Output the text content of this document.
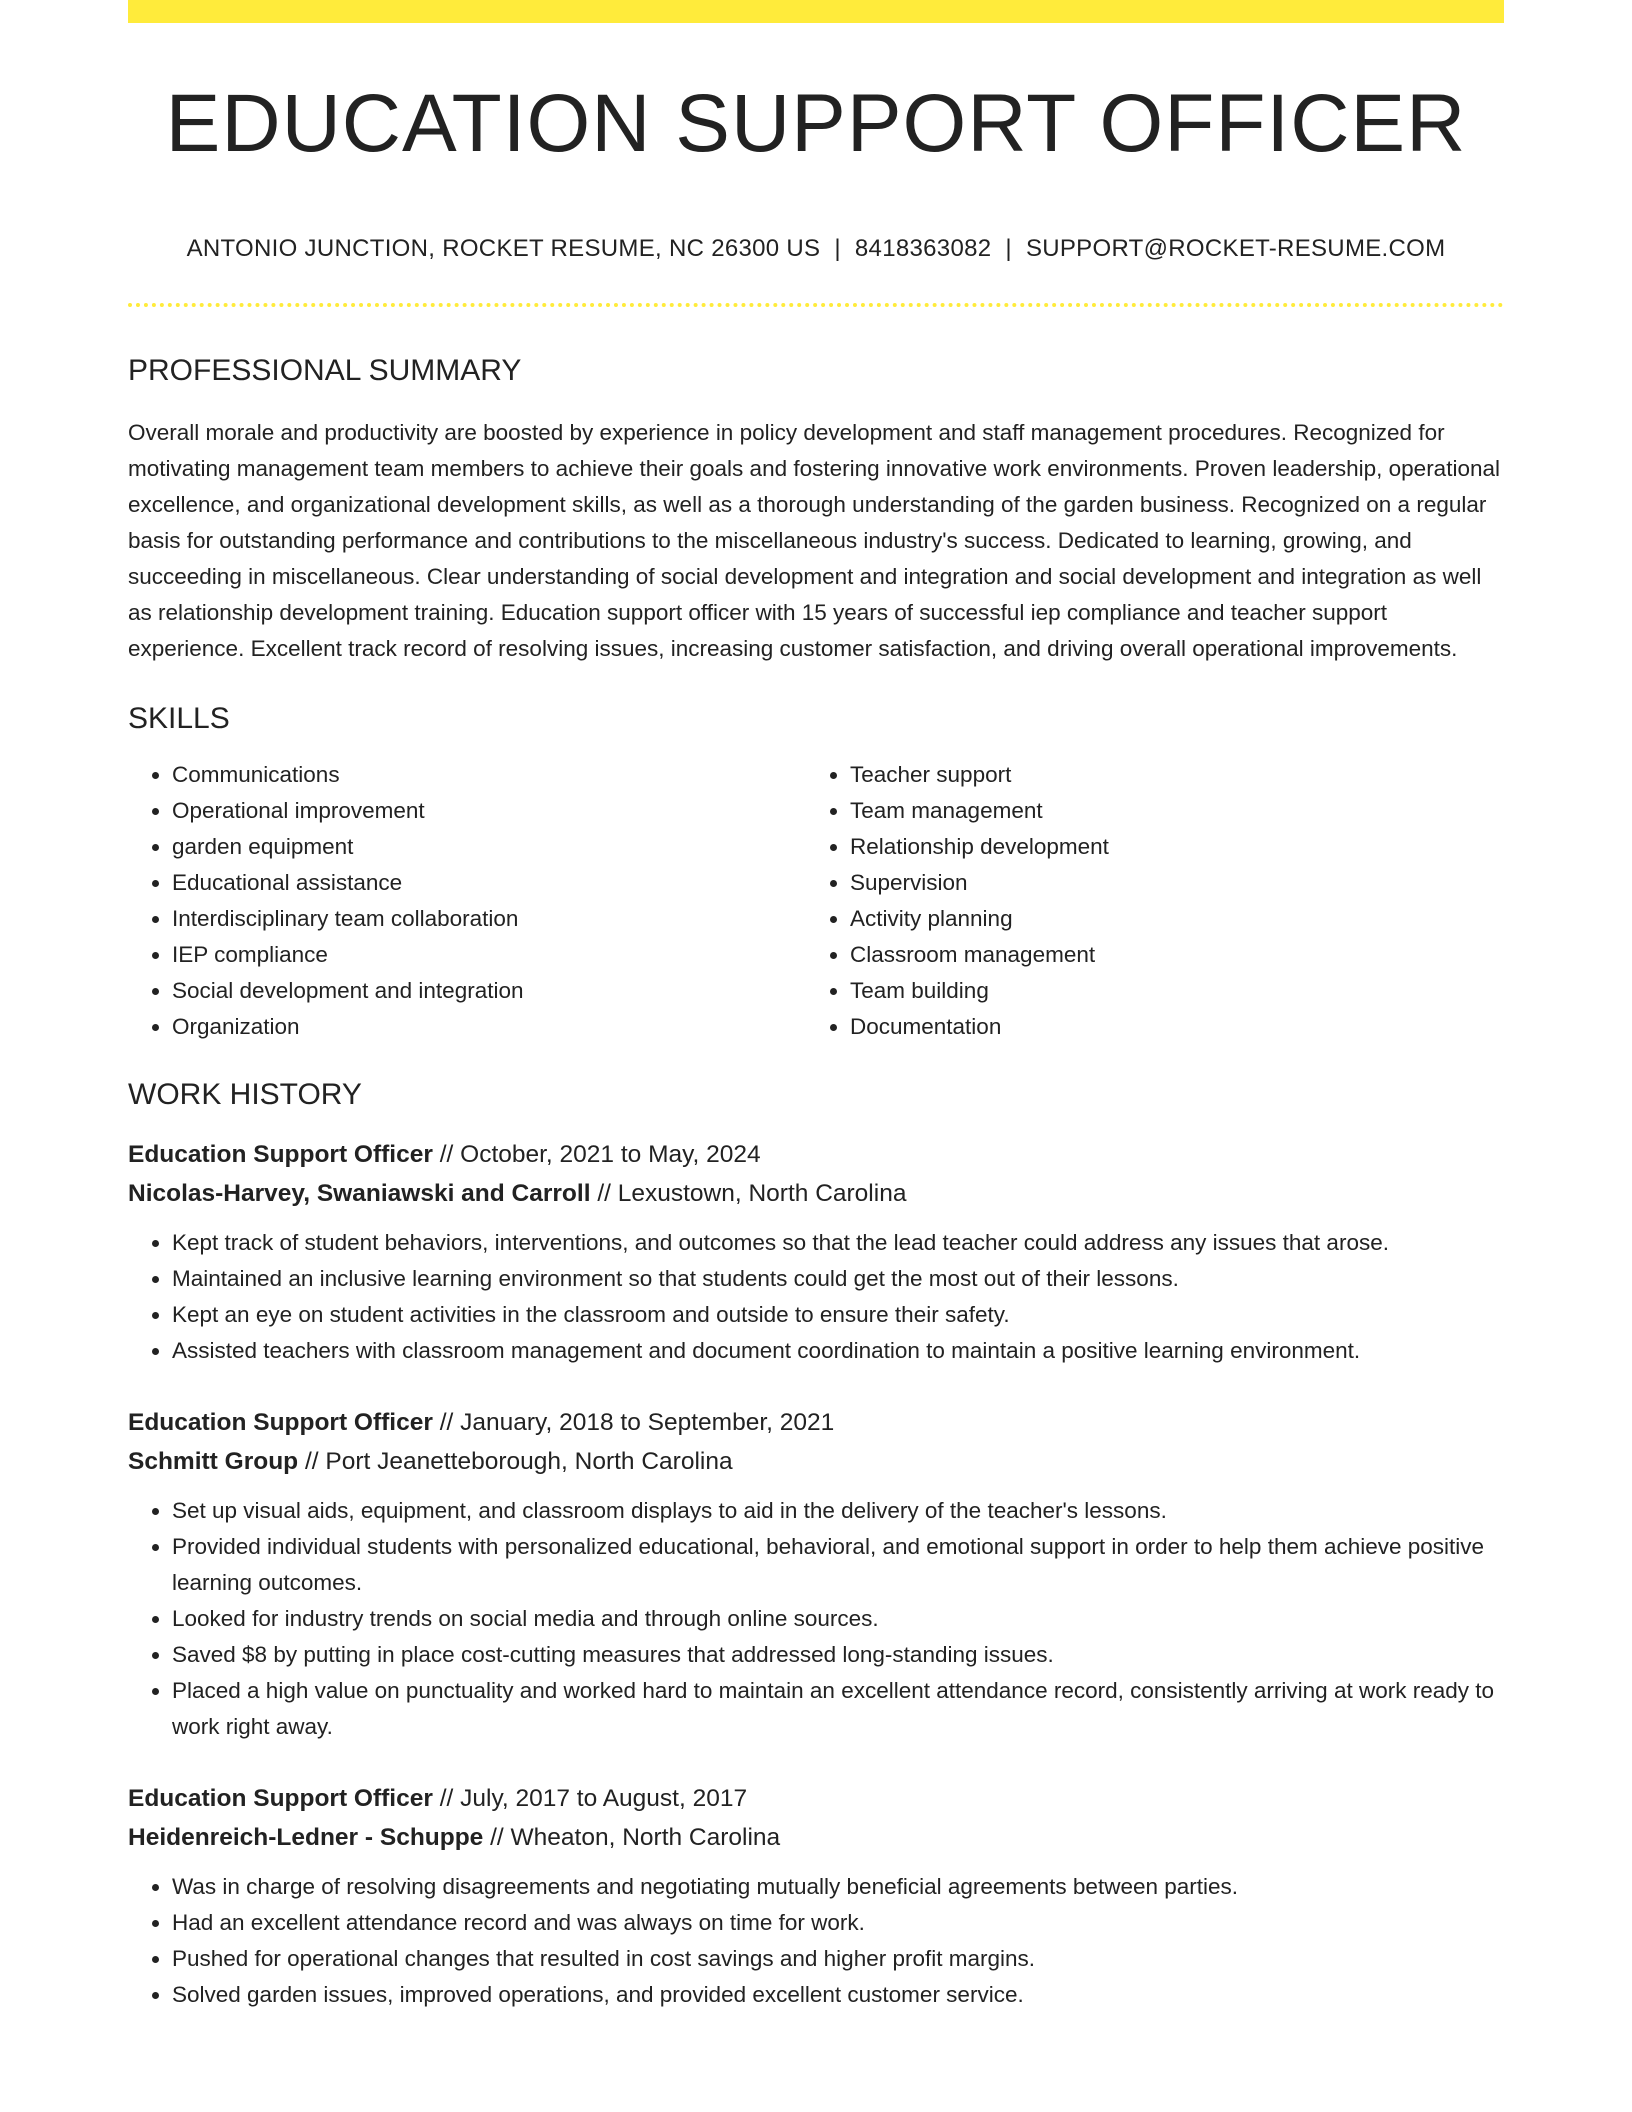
EDUCATION SUPPORT OFFICER
ANTONIO JUNCTION, ROCKET RESUME, NC 26300 US | 8418363082 | SUPPORT@ROCKET-RESUME.COM
PROFESSIONAL SUMMARY
Overall morale and productivity are boosted by experience in policy development and staff management procedures. Recognized for motivating management team members to achieve their goals and fostering innovative work environments. Proven leadership, operational excellence, and organizational development skills, as well as a thorough understanding of the garden business. Recognized on a regular basis for outstanding performance and contributions to the miscellaneous industry's success. Dedicated to learning, growing, and succeeding in miscellaneous. Clear understanding of social development and integration and social development and integration as well as relationship development training. Education support officer with 15 years of successful iep compliance and teacher support experience. Excellent track record of resolving issues, increasing customer satisfaction, and driving overall operational improvements.
SKILLS
• Communications
• Operational improvement
• garden equipment
• Educational assistance
• Interdisciplinary team collaboration
• IEP compliance
• Social development and integration
• Organization
• Teacher support
• Team management
• Relationship development
• Supervision
• Activity planning
• Classroom management
• Team building
• Documentation
WORK HISTORY
Education Support Officer // October, 2021 to May, 2024
Nicolas-Harvey, Swaniawski and Carroll // Lexustown, North Carolina
• Kept track of student behaviors, interventions, and outcomes so that the lead teacher could address any issues that arose.
• Maintained an inclusive learning environment so that students could get the most out of their lessons.
• Kept an eye on student activities in the classroom and outside to ensure their safety.
• Assisted teachers with classroom management and document coordination to maintain a positive learning environment.
Education Support Officer // January, 2018 to September, 2021
Schmitt Group // Port Jeanetteborough, North Carolina
• Set up visual aids, equipment, and classroom displays to aid in the delivery of the teacher's lessons.
• Provided individual students with personalized educational, behavioral, and emotional support in order to help them achieve positive learning outcomes.
• Looked for industry trends on social media and through online sources.
• Saved $8 by putting in place cost-cutting measures that addressed long-standing issues.
• Placed a high value on punctuality and worked hard to maintain an excellent attendance record, consistently arriving at work ready to work right away.
Education Support Officer // July, 2017 to August, 2017
Heidenreich-Ledner - Schuppe // Wheaton, North Carolina
• Was in charge of resolving disagreements and negotiating mutually beneficial agreements between parties.
• Had an excellent attendance record and was always on time for work.
• Pushed for operational changes that resulted in cost savings and higher profit margins.
• Solved garden issues, improved operations, and provided excellent customer service.
